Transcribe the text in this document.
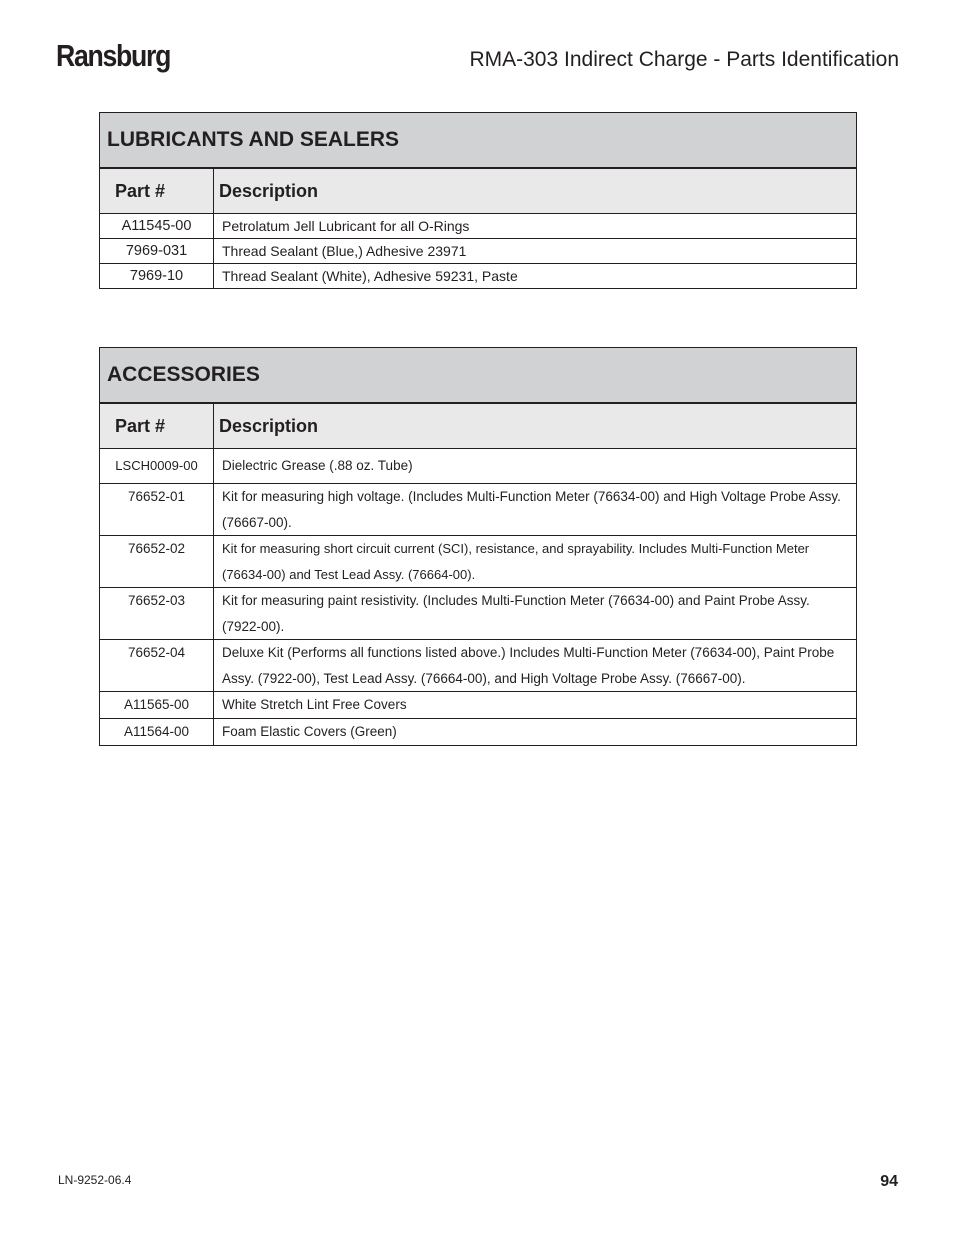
Ransburg	RMA-303 Indirect Charge - Parts Identification
LUBRICANTS AND SEALERS	
Part #	Description
A11545-00	Petrolatum Jell Lubricant for all O-Rings
7969-031	Thread Sealant (Blue,) Adhesive 23971
7969-10	Thread Sealant (White), Adhesive 59231, Paste
ACCESSORIES	
Part #	Description
LSCH0009-00	Dielectric Grease (.88 oz. Tube)
76652-01	Kit for measuring high voltage. (Includes Multi-Function Meter (76634-00) and High Voltage Probe Assy. (76667-00).
76652-02	Kit for measuring short circuit current (SCI), resistance, and sprayability. Includes Multi-Function Meter (76634-00) and Test Lead Assy. (76664-00).
76652-03	Kit for measuring paint resistivity. (Includes Multi-Function Meter (76634-00) and Paint Probe Assy. (7922-00).
76652-04	Deluxe Kit (Performs all functions listed above.) Includes Multi-Function Meter (76634-00), Paint Probe Assy. (7922-00), Test Lead Assy. (76664-00), and High Voltage Probe Assy. (76667-00).
A11565-00	White Stretch Lint Free Covers
A11564-00	Foam Elastic Covers (Green)
LN-9252-06.4	94
